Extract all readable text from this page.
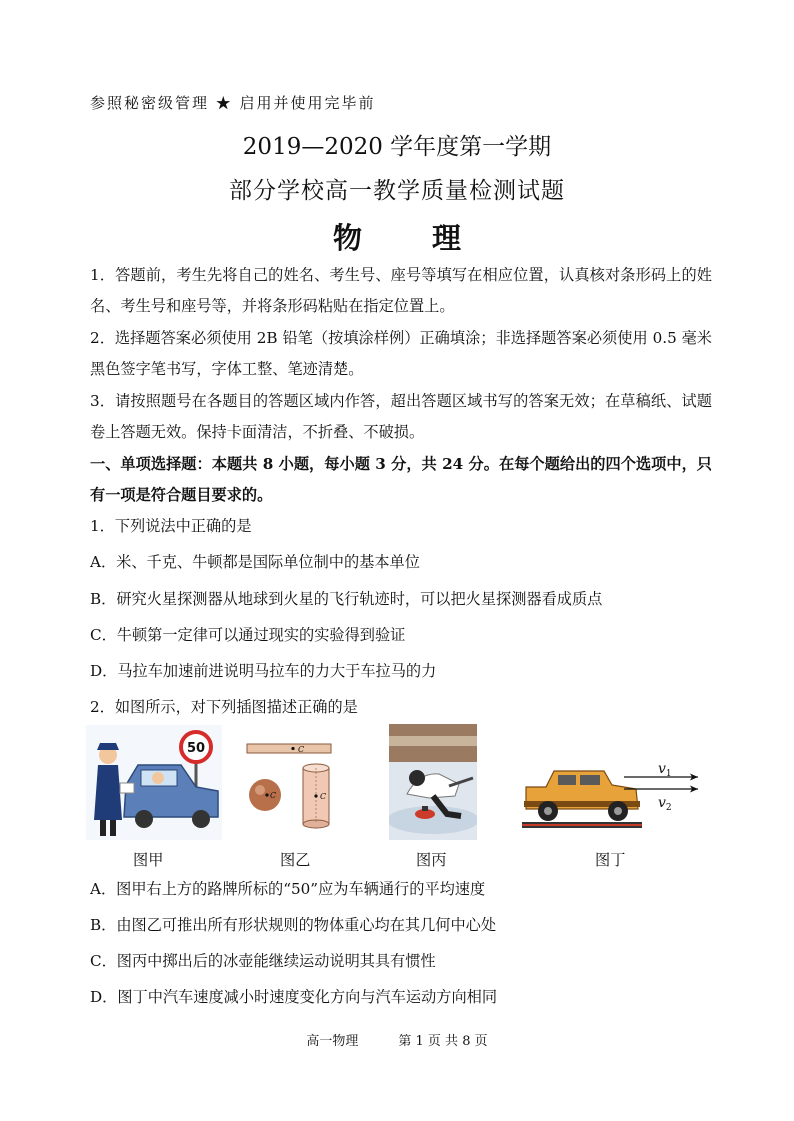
参照秘密级管理 ★ 启用并使用完毕前
2019—2020 学年度第一学期
部分学校高一教学质量检测试题
物 理
1．答题前，考生先将自己的姓名、考生号、座号等填写在相应位置，认真核对条形码上的姓名、考生号和座号等，并将条形码粘贴在指定位置上。
2．选择题答案必须使用 2B 铅笔（按填涂样例）正确填涂；非选择题答案必须使用 0.5 毫米黑色签字笔书写，字体工整、笔迹清楚。
3．请按照题号在各题目的答题区域内作答，超出答题区域书写的答案无效；在草稿纸、试题卷上答题无效。保持卡面清洁，不折叠、不破损。
一、单项选择题：本题共 8 小题，每小题 3 分，共 24 分。在每个题给出的四个选项中，只有一项是符合题目要求的。
1．下列说法中正确的是
A．米、千克、牛顿都是国际单位制中的基本单位
B．研究火星探测器从地球到火星的飞行轨迹时，可以把火星探测器看成质点
C．牛顿第一定律可以通过现实的实验得到验证
D．马拉车加速前进说明马拉车的力大于车拉马的力
2．如图所示，对下列插图描述正确的是
50	C
C	C
$v_1$
$v_2$
图甲	图乙	图丙	图丁
A．图甲右上方的路牌所标的“50”应为车辆通行的平均速度
B．由图乙可推出所有形状规则的物体重心均在其几何中心处
C．图丙中掷出后的冰壶能继续运动说明其具有惯性
D．图丁中汽车速度减小时速度变化方向与汽车运动方向相同
高一物理	第 1 页 共 8 页
